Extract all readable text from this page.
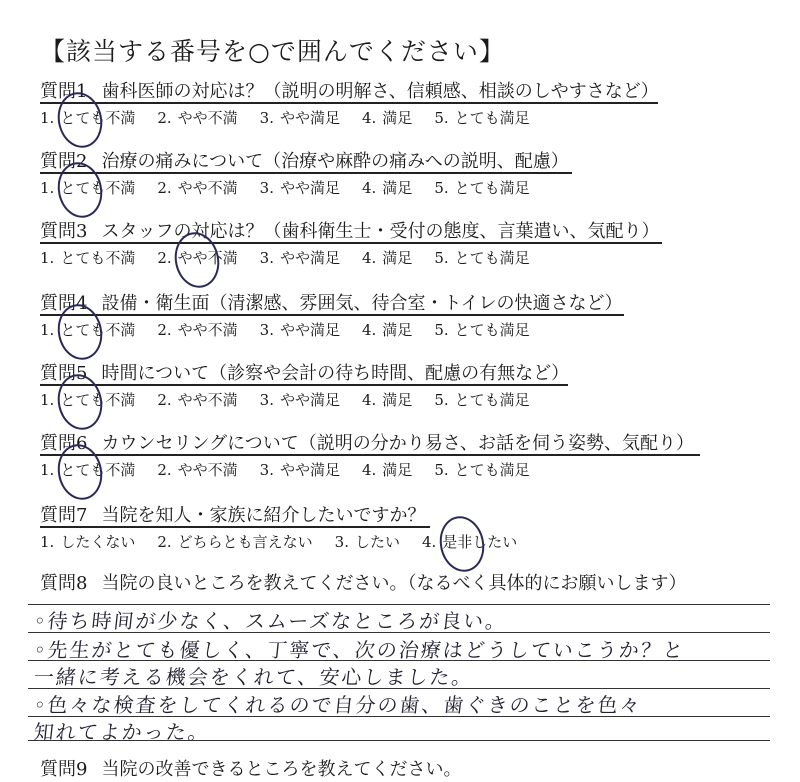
【該当する番号を○で囲んでください】
質問1 歯科医師の対応は？（説明の明解さ、信頼感、相談のしやすさなど）
1. とても不満 2. やや不満 3. やや満足 4. 満足 5. とても満足
質問2 治療の痛みについて（治療や麻酔の痛みへの説明、配慮）
1. とても不満 2. やや不満 3. やや満足 4. 満足 5. とても満足
質問3 スタッフの対応は？（歯科衛生士・受付の態度、言葉遣い、気配り）
1. とても不満 2. やや不満 3. やや満足 4. 満足 5. とても満足
質問4 設備・衛生面（清潔感、雰囲気、待合室・トイレの快適さなど）
1. とても不満 2. やや不満 3. やや満足 4. 満足 5. とても満足
質問5 時間について（診察や会計の待ち時間、配慮の有無など）
1. とても不満 2. やや不満 3. やや満足 4. 満足 5. とても満足
質問6 カウンセリングについて（説明の分かり易さ、お話を伺う姿勢、気配り）
1. とても不満 2. やや不満 3. やや満足 4. 満足 5. とても満足
質問7 当院を知人・家族に紹介したいですか？
1. したくない 2. どちらとも言えない 3. したい 4. 是非したい
質問8 当院の良いところを教えてください。（なるべく具体的にお願いします）
◦待ち時间が少なく、スムーズなところが良い。
◦先生がとても優しく、丁寧で、次の治療はどうしていこうか？と
一緒に考える機会をくれて、安心しました。
◦色々な検査をしてくれるので自分の歯、歯ぐきのことを色々
知れてよかった。
質問9 当院の改善できるところを教えてください。
